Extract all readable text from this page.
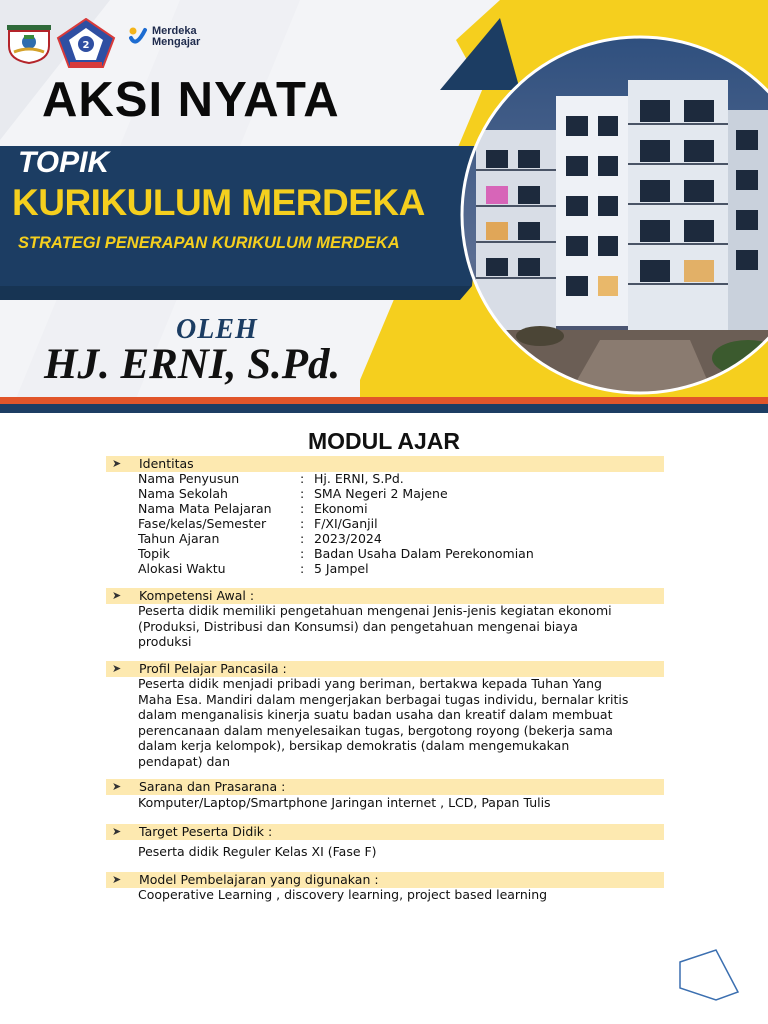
2
Merdeka
Mengajar
AKSI NYATA
TOPIK
KURIKULUM MERDEKA
STRATEGI PENERAPAN KURIKULUM MERDEKA
OLEH
HJ. ERNI, S.Pd.
MODUL AJAR
➤ Identitas
Nama Penyusun	: Hj. ERNI, S.Pd.
Nama Sekolah	: SMA Negeri 2 Majene
Nama Mata Pelajaran : Ekonomi
Fase/kelas/Semester	: F/XI/Ganjil
Tahun Ajaran	: 2023/2024
Topik	: Badan Usaha Dalam Perekonomian
Alokasi Waktu	: 5 Jampel
➤ Kompetensi Awal :
Peserta didik memiliki pengetahuan mengenai Jenis-jenis kegiatan ekonomi
(Produksi, Distribusi dan Konsumsi) dan pengetahuan mengenai biaya
produksi
➤ Profil Pelajar Pancasila :
Peserta didik menjadi pribadi yang beriman, bertakwa kepada Tuhan Yang
Maha Esa. Mandiri dalam mengerjakan berbagai tugas individu, bernalar kritis
dalam menganalisis kinerja suatu badan usaha dan kreatif dalam membuat
perencanaan dalam menyelesaikan tugas, bergotong royong (bekerja sama
dalam kerja kelompok), bersikap demokratis (dalam mengemukakan
pendapat) dan
➤ Sarana dan Prasarana :
Komputer/Laptop/Smartphone Jaringan internet , LCD, Papan Tulis
➤ Target Peserta Didik :
Peserta didik Reguler Kelas XI (Fase F)
➤ Model Pembelajaran yang digunakan :
Cooperative Learning , discovery learning, project based learning
